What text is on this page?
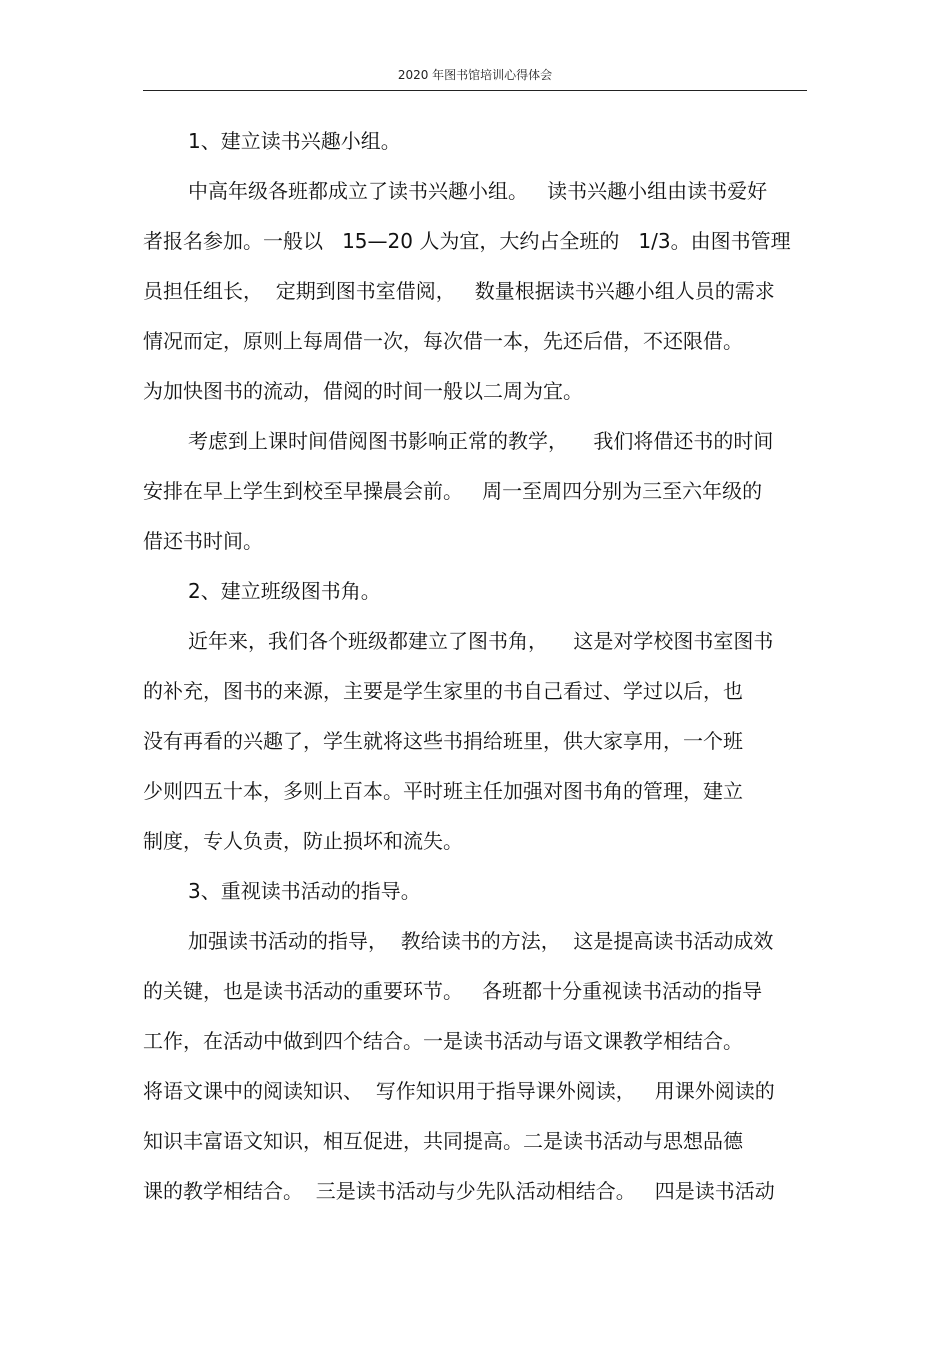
2020 年图书馆培训心得体会
1、建立读书兴趣小组。
中高年级各班都成立了读书兴趣小组。   读书兴趣小组由读书爱好
者报名参加。一般以   15—20 人为宜，大约占全班的   1/3。由图书管理
员担任组长，  定期到图书室借阅，   数量根据读书兴趣小组人员的需求
情况而定，原则上每周借一次，每次借一本，先还后借，不还限借。
为加快图书的流动，借阅的时间一般以二周为宜。
考虑到上课时间借阅图书影响正常的教学，    我们将借还书的时间
安排在早上学生到校至早操晨会前。   周一至周四分别为三至六年级的
借还书时间。
2、建立班级图书角。
近年来，我们各个班级都建立了图书角，    这是对学校图书室图书
的补充，图书的来源，主要是学生家里的书自己看过、学过以后，也
没有再看的兴趣了，学生就将这些书捐给班里，供大家享用，一个班
少则四五十本，多则上百本。平时班主任加强对图书角的管理，建立
制度，专人负责，防止损坏和流失。
3、重视读书活动的指导。
加强读书活动的指导，  教给读书的方法，  这是提高读书活动成效
的关键，也是读书活动的重要环节。   各班都十分重视读书活动的指导
工作，在活动中做到四个结合。一是读书活动与语文课教学相结合。
将语文课中的阅读知识、  写作知识用于指导课外阅读，   用课外阅读的
知识丰富语文知识，相互促进，共同提高。二是读书活动与思想品德
课的教学相结合。  三是读书活动与少先队活动相结合。   四是读书活动
